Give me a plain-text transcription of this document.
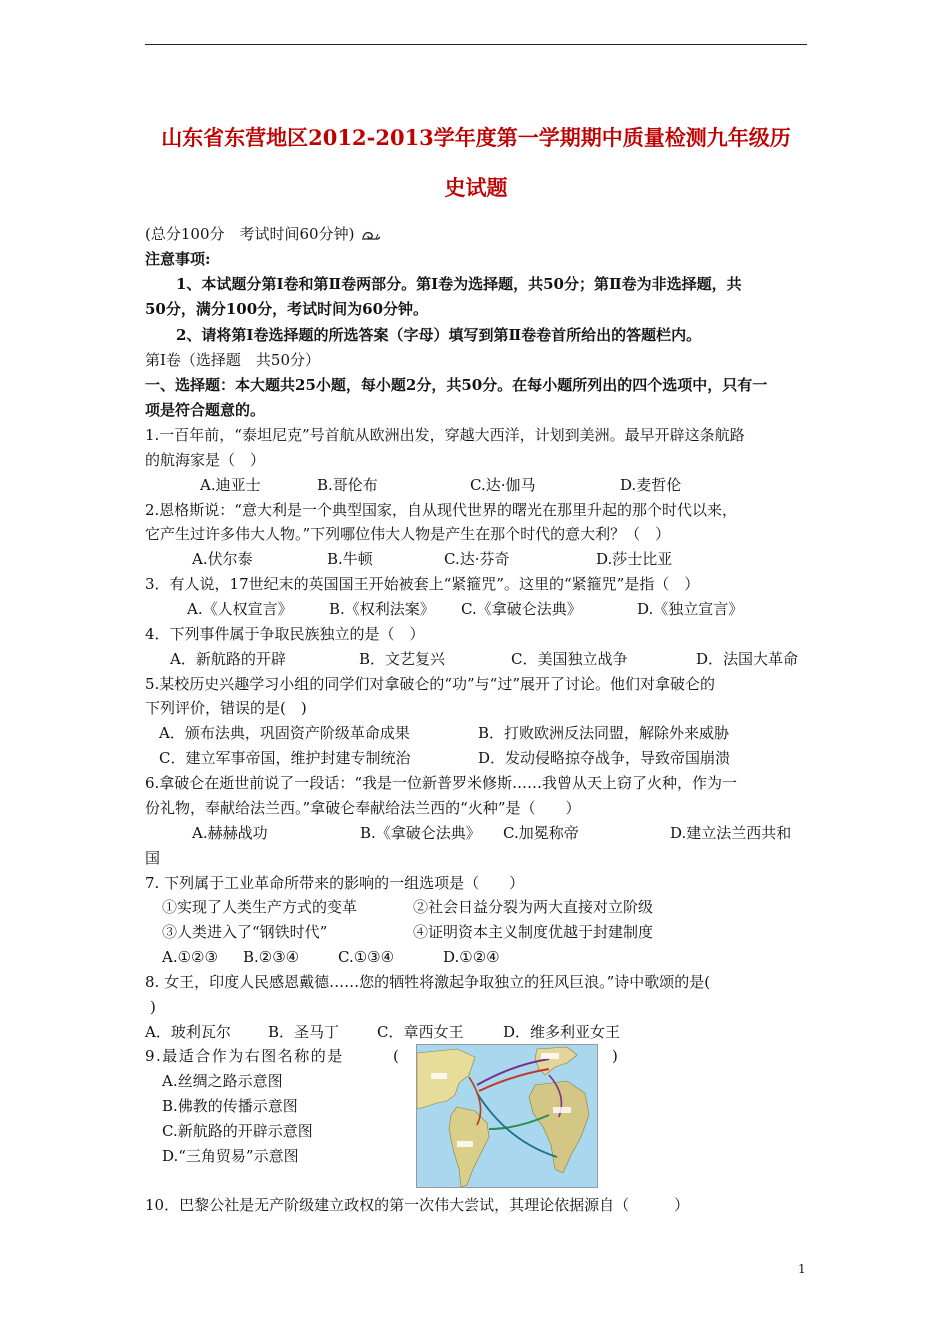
山东省东营地区2012-2013学年度第一学期期中质量检测九年级历
史试题
(总分100分　考试时间60分钟)
注意事项:
1、本试题分第Ⅰ卷和第Ⅱ卷两部分。第Ⅰ卷为选择题，共50分；第Ⅱ卷为非选择题，共
50分，满分100分，考试时间为60分钟。
2、请将第Ⅰ卷选择题的所选答案（字母）填写到第Ⅱ卷卷首所给出的答题栏内。
第Ⅰ卷（选择题　共50分）
一、选择题：本大题共25小题，每小题2分，共50分。在每小题所列出的四个选项中，只有一
项是符合题意的。
1.一百年前，“泰坦尼克”号首航从欧洲出发，穿越大西洋，计划到美洲。最早开辟这条航路
的航海家是（　）
A.迪亚士	B.哥伦布	C.达·伽马	D.麦哲伦
2.恩格斯说：“意大利是一个典型国家，自从现代世界的曙光在那里升起的那个时代以来，
它产生过许多伟大人物。”下列哪位伟大人物是产生在那个时代的意大利？（　）
A.伏尔泰	B.牛顿	C.达·芬奇	D.莎士比亚
3．有人说，17世纪末的英国国王开始被套上“紧箍咒”。这里的“紧箍咒”是指（　）
A.《人权宣言》 B.《权利法案》 C.《拿破仑法典》	D.《独立宣言》
4．下列事件属于争取民族独立的是（　）
A．新航路的开辟	B．文艺复兴	C．美国独立战争	D．法国大革命
5.某校历史兴趣学习小组的同学们对拿破仑的“功”与“过”展开了讨论。他们对拿破仑的
下列评价，错误的是(　)
A．颁布法典，巩固资产阶级革命成果	B．打败欧洲反法同盟，解除外来威胁
C．建立军事帝国，维护封建专制统治	D．发动侵略掠夺战争，导致帝国崩溃
6.拿破仑在逝世前说了一段话：“我是一位新普罗米修斯……我曾从天上窃了火种，作为一
份礼物，奉献给法兰西。”拿破仑奉献给法兰西的“火种”是（　　）
A.赫赫战功	B.《拿破仑法典》 C.加冕称帝	D.建立法兰西共和
国
7. 下列属于工业革命所带来的影响的一组选项是（　　）
①实现了人类生产方式的变革	②社会日益分裂为两大直接对立阶级
③人类进入了“钢铁时代”	④证明资本主义制度优越于封建制度
A.①②③ B.②③④	C.①③④	D.①②④
8. 女王，印度人民感恩戴德……您的牺牲将激起争取独立的狂风巨浪。”诗中歌颂的是(
)
A．玻利瓦尔 B．圣马丁	C．章西女王	D．维多利亚女王
9.最适合作为右图名称的是	(	)
A.丝绸之路示意图
B.佛教的传播示意图
C.新航路的开辟示意图
D.“三角贸易”示意图
10．巴黎公社是无产阶级建立政权的第一次伟大尝试，其理论依据源自（　　　）
1
